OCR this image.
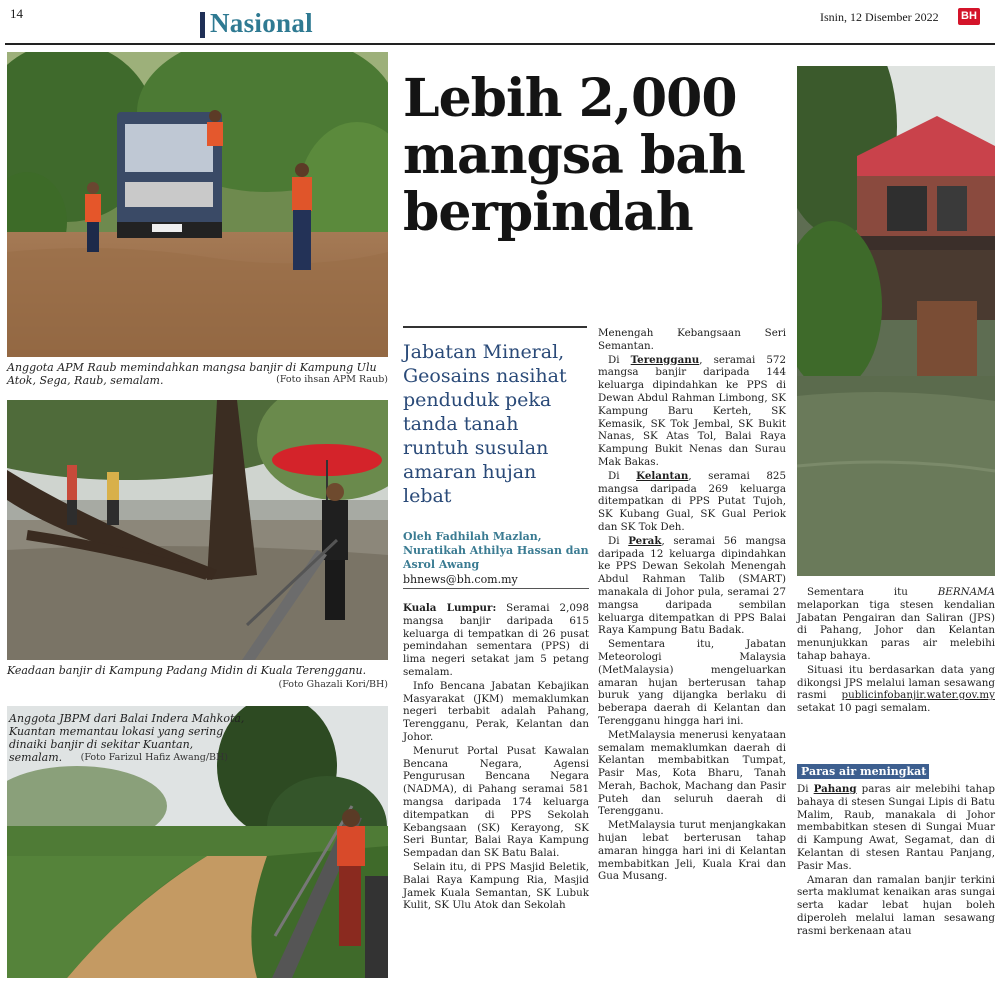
14	Nasional	Isnin, 12 Disember 2022 BH
Anggota APM Raub memindahkan mangsa banjir di Kampung Ulu Atok, Sega, Raub, semalam.	(Foto ihsan APM Raub)
Keadaan banjir di Kampung Padang Midin di Kuala Terengganu.
(Foto Ghazali Kori/BH)
Anggota JBPM dari Balai Indera Mahkota, Kuantan memantau lokasi yang sering dinaiki banjir di sekitar Kuantan, semalam.	(Foto Farizul Hafiz Awang/BH)
Lebih 2,000 mangsa bah berpindah
Jabatan Mineral, Geosains nasihat penduduk peka tanda tanah runtuh susulan amaran hujan lebat
Oleh Fadhilah Mazlan, Nuratikah Athilya Hassan dan Asrol Awang
bhnews@bh.com.my

Kuala Lumpur: Seramai 2,098 mangsa banjir daripada 615 keluarga di tempatkan di 26 pusat pemindahan sementara (PPS) di lima negeri setakat jam 5 petang semalam.

Info Bencana Jabatan Kebajikan Masyarakat (JKM) memaklumkan negeri terbabit adalah Pahang, Terengganu, Perak, Kelantan dan Johor.

Menurut Portal Pusat Kawalan Bencana Negara, Agensi Pengurusan Bencana Negara (NADMA), di Pahang seramai 581 mangsa daripada 174 keluarga ditempatkan di PPS Sekolah Kebangsaan (SK) Kerayong, SK Seri Buntar, Balai Raya Kampung Sempadan dan SK Batu Balai.

Selain itu, di PPS Masjid Beletik, Balai Raya Kampung Ria, Masjid Jamek Kuala Semantan, SK Lubuk Kulit, SK Ulu Atok dan Sekolah

Menengah Kebangsaan Seri Semantan.

Di Terengganu, seramai 572 mangsa banjir daripada 144 keluarga dipindahkan ke PPS di Dewan Abdul Rahman Limbong, SK Kampung Baru Kerteh, SK Kemasik, SK Tok Jembal, SK Bukit Nanas, SK Atas Tol, Balai Raya Kampung Bukit Nenas dan Surau Mak Bakas.

Di Kelantan, seramai 825 mangsa daripada 269 keluarga ditempatkan di PPS Putat Tujoh, SK Kubang Gual, SK Gual Periok dan SK Tok Deh.

Di Perak, seramai 56 mangsa daripada 12 keluarga dipindahkan ke PPS Dewan Sekolah Menengah Abdul Rahman Talib (SMART) manakala di Johor pula, seramai 27 mangsa daripada sembilan keluarga ditempatkan di PPS Balai Raya Kampung Batu Badak.

Sementara itu, Jabatan Meteorologi Malaysia (MetMalaysia) mengeluarkan amaran hujan berterusan tahap buruk yang dijangka berlaku di beberapa daerah di Kelantan dan Terengganu hingga hari ini.

MetMalaysia menerusi kenyataan semalam memaklumkan daerah di Kelantan membabitkan Tumpat, Pasir Mas, Kota Bharu, Tanah Merah, Bachok, Machang dan Pasir Puteh dan seluruh daerah di Terengganu.

MetMalaysia turut menjangkakan hujan lebat berterusan tahap amaran hingga hari ini di Kelantan membabitkan Jeli, Kuala Krai dan Gua Musang.

Sementara itu BERNAMA melaporkan tiga stesen kendalian Jabatan Pengairan dan Saliran (JPS) di Pahang, Johor dan Kelantan menunjukkan paras air melebihi tahap bahaya.

Situasi itu berdasarkan data yang dikongsi JPS melalui laman sesawang rasmi publicinfobanjir.water.gov.my setakat 10 pagi semalam.

Paras air meningkat

Di Pahang paras air melebihi tahap bahaya di stesen Sungai Lipis di Batu Malim, Raub, manakala di Johor membabitkan stesen di Sungai Muar di Kampung Awat, Segamat, dan di Kelantan di stesen Rantau Panjang, Pasir Mas.

Amaran dan ramalan banjir terkini serta maklumat kenaikan aras sungai serta kadar lebat hujan boleh diperoleh melalui laman sesawang rasmi berkenaan atau
